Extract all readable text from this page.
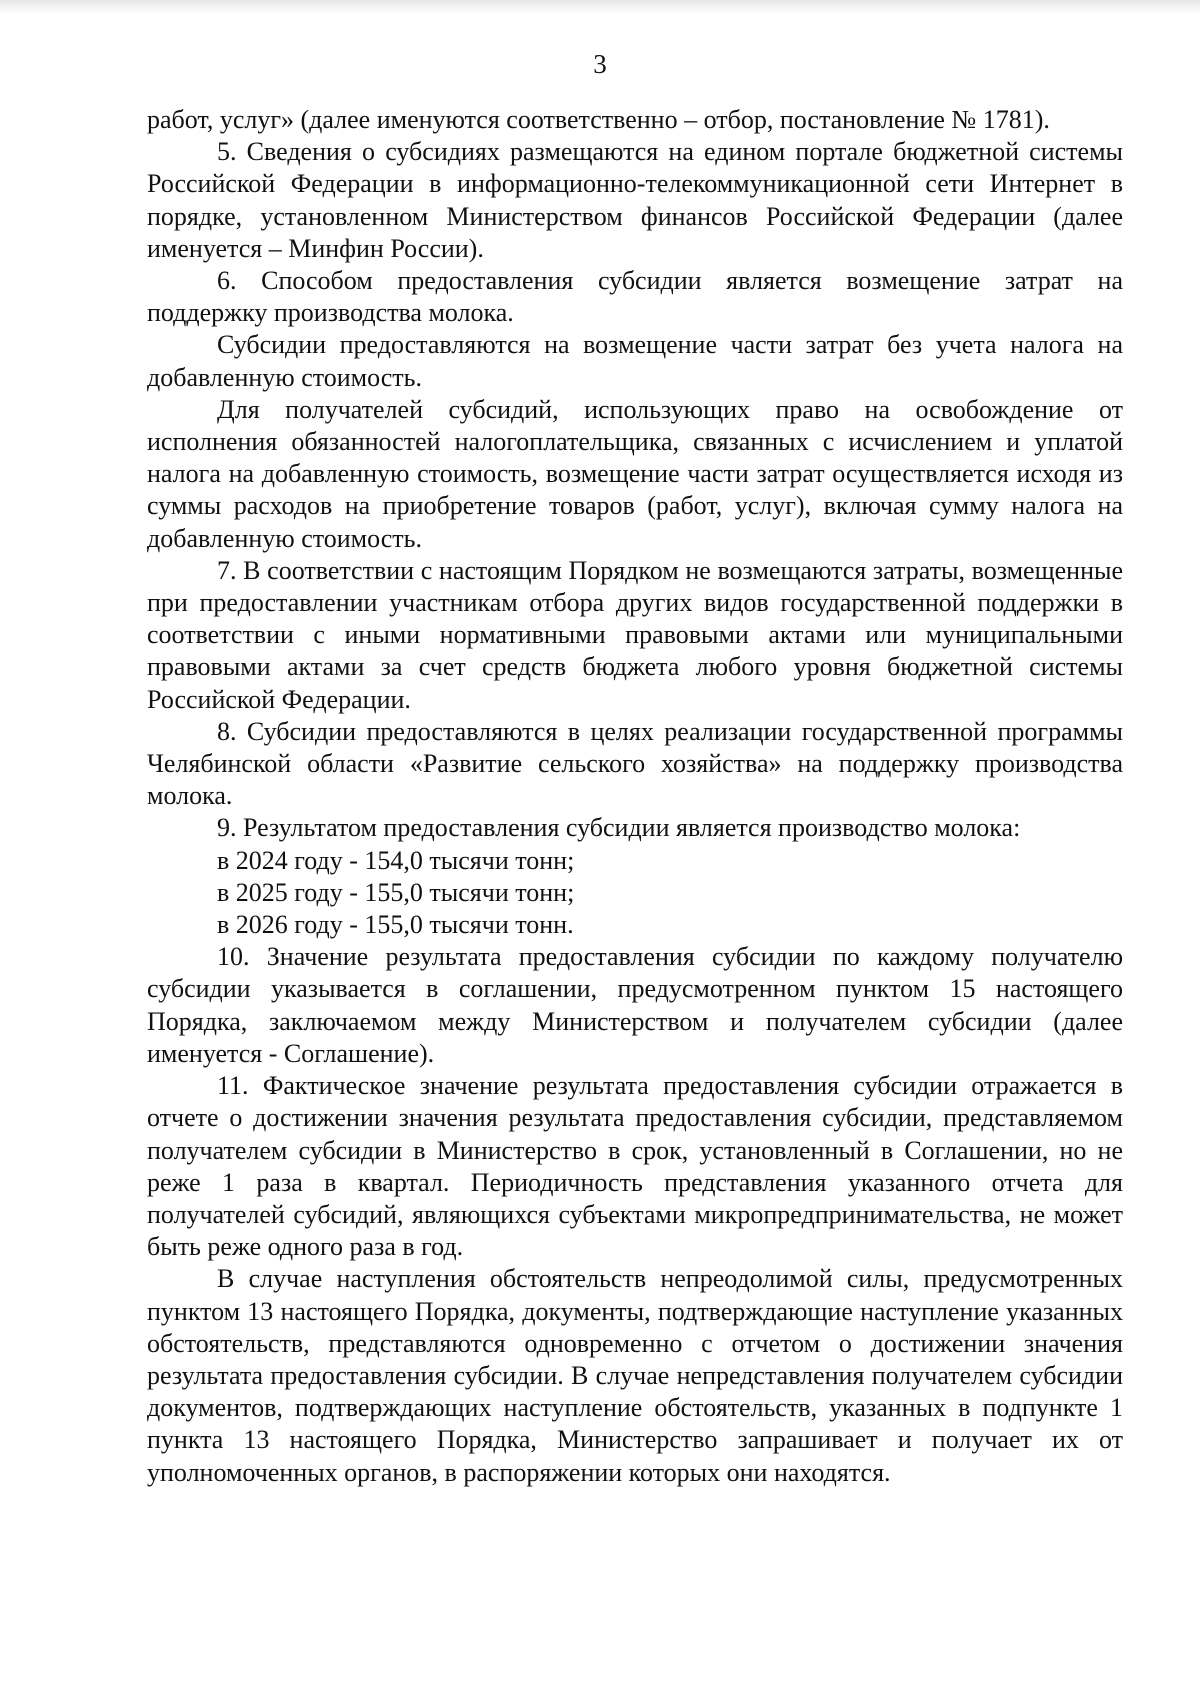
3

работ, услуг» (далее именуются соответственно – отбор, постановление № 1781).

5. Сведения о субсидиях размещаются на едином портале бюджетной системы Российской Федерации в информационно-телекоммуникационной сети Интернет в порядке, установленном Министерством финансов Российской Федерации (далее именуется – Минфин России).

6. Способом предоставления субсидии является возмещение затрат на поддержку производства молока.

Субсидии предоставляются на возмещение части затрат без учета налога на добавленную стоимость.

Для получателей субсидий, использующих право на освобождение от исполнения обязанностей налогоплательщика, связанных с исчислением и уплатой налога на добавленную стоимость, возмещение части затрат осуществляется исходя из суммы расходов на приобретение товаров (работ, услуг), включая сумму налога на добавленную стоимость.

7. В соответствии с настоящим Порядком не возмещаются затраты, возмещенные при предоставлении участникам отбора других видов государственной поддержки в соответствии с иными нормативными правовыми актами или муниципальными правовыми актами за счет средств бюджета любого уровня бюджетной системы Российской Федерации.

8. Субсидии предоставляются в целях реализации государственной программы Челябинской области «Развитие сельского хозяйства» на поддержку производства молока.

9. Результатом предоставления субсидии является производство молока:

в 2024 году - 154,0 тысячи тонн;

в 2025 году - 155,0 тысячи тонн;

в 2026 году - 155,0 тысячи тонн.

10. Значение результата предоставления субсидии по каждому получателю субсидии указывается в соглашении, предусмотренном пунктом 15 настоящего Порядка, заключаемом между Министерством и получателем субсидии (далее именуется - Соглашение).

11. Фактическое значение результата предоставления субсидии отражается в отчете о достижении значения результата предоставления субсидии, представляемом получателем субсидии в Министерство в срок, установленный в Соглашении, но не реже 1 раза в квартал. Периодичность представления указанного отчета для получателей субсидий, являющихся субъектами микропредпринимательства, не может быть реже одного раза в год.

В случае наступления обстоятельств непреодолимой силы, предусмотренных пунктом 13 настоящего Порядка, документы, подтверждающие наступление указанных обстоятельств, представляются одновременно с отчетом о достижении значения результата предоставления субсидии. В случае непредставления получателем субсидии документов, подтверждающих наступление обстоятельств, указанных в подпункте 1 пункта 13 настоящего Порядка, Министерство запрашивает и получает их от уполномоченных органов, в распоряжении которых они находятся.
